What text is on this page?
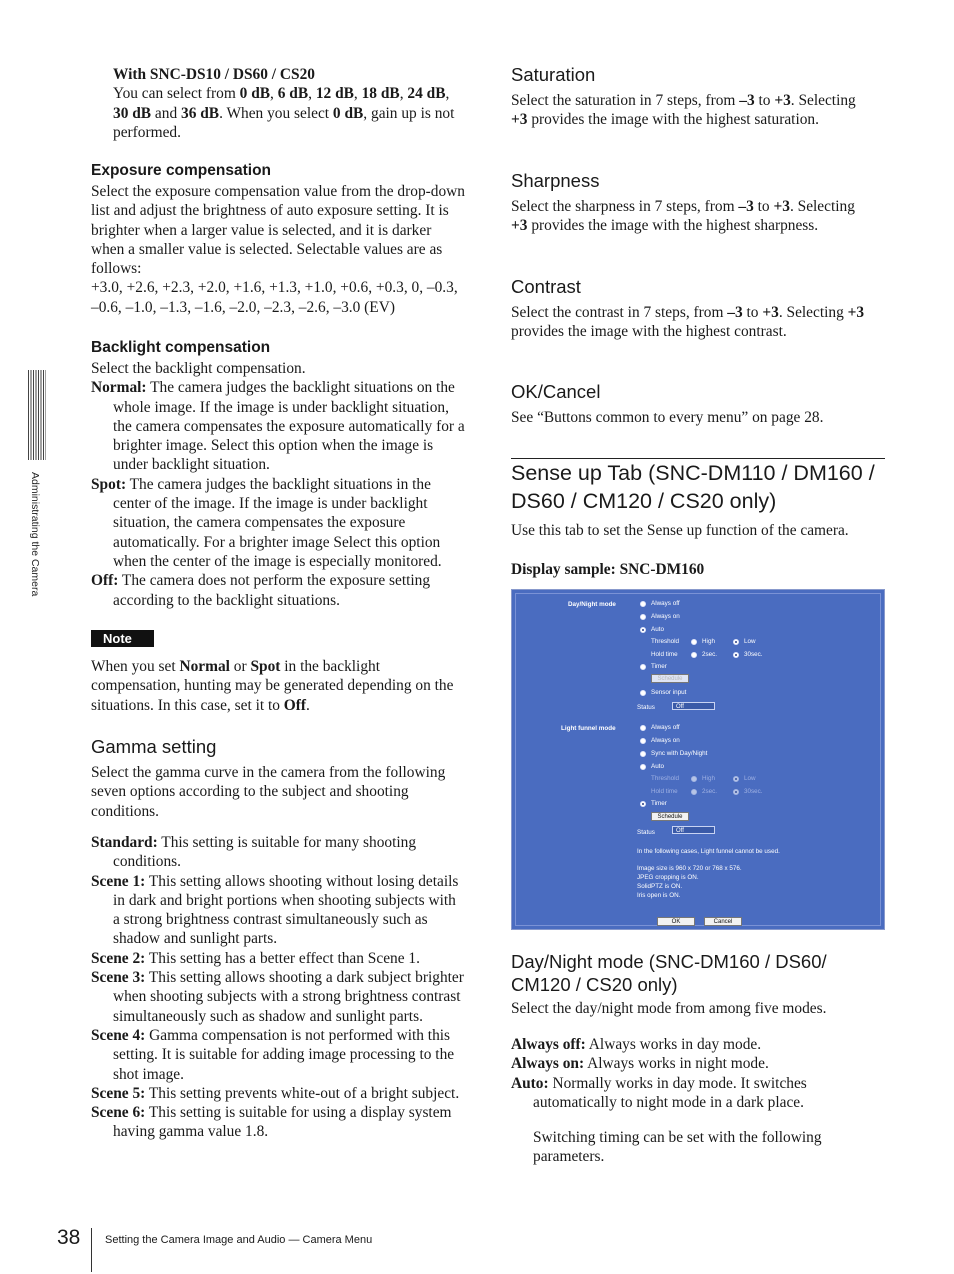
Administrating the Camera

With SNC-DS10 / DS60 / CS20

You can select from 0 dB, 6 dB, 12 dB, 18 dB, 24 dB, 30 dB and 36 dB. When you select 0 dB, gain up is not performed.

Exposure compensation

Select the exposure compensation value from the drop-down list and adjust the brightness of auto exposure setting. It is brighter when a larger value is selected, and it is darker when a smaller value is selected. Selectable values are as follows:

+3.0, +2.6, +2.3, +2.0, +1.6, +1.3, +1.0, +0.6, +0.3, 0, –0.3, –0.6, –1.0, –1.3, –1.6, –2.0, –2.3, –2.6, –3.0 (EV)

Backlight compensation

Select the backlight compensation.

Normal: The camera judges the backlight situations on the whole image. If the image is under backlight situation, the camera compensates the exposure automatically for a brighter image. Select this option when the image is under backlight situation.

Spot: The camera judges the backlight situations in the center of the image. If the image is under backlight situation, the camera compensates the exposure automatically. For a brighter image Select this option when the center of the image is especially monitored.

Off: The camera does not perform the exposure setting according to the backlight situations.

Note

When you set Normal or Spot in the backlight compensation, hunting may be generated depending on the situations. In this case, set it to Off.

Gamma setting
Select the gamma curve in the camera from the following seven options according to the subject and shooting conditions.

Standard: This setting is suitable for many shooting conditions.

Scene 1: This setting allows shooting without losing details in dark and bright portions when shooting subjects with a strong brightness contrast simultaneously such as shadow and sunlight parts.

Scene 2: This setting has a better effect than Scene 1.

Scene 3: This setting allows shooting a dark subject brighter when shooting subjects with a strong brightness contrast simultaneously such as shadow and sunlight parts.

Scene 4: Gamma compensation is not performed with this setting. It is suitable for adding image processing to the shot image.

Scene 5: This setting prevents white-out of a bright subject.

Scene 6: This setting is suitable for using a display system having gamma value 1.8.

Saturation

Select the saturation in 7 steps, from –3 to +3. Selecting +3 provides the image with the highest saturation.

Sharpness

Select the sharpness in 7 steps, from –3 to +3. Selecting +3 provides the image with the highest sharpness.

Contrast

Select the contrast in 7 steps, from –3 to +3. Selecting +3 provides the image with the highest contrast.

OK/Cancel
See “Buttons common to every menu” on page 28.
Sense up Tab (SNC-DM110 / DM160 / DS60 / CM120 / CS20 only)
Use this tab to set the Sense up function of the camera.
Display sample: SNC-DM160
Day/Night mode	Always off
Always on
Auto
Threshold	High	Low
Hold time	2sec.	30sec.
Timer
Schedule
Sensor input
Status	Off
Light funnel mode	Always off
Always on
Sync with Day/Night
Auto
Threshold	High	Low
Hold time	2sec.	30sec.
Timer
Schedule
Status	Off
In the following cases, Light funnel cannot be used.
Image size is 960 x 720 or 768 x 576.
JPEG cropping is ON.
SolidPTZ is ON.
Iris open is ON.
OK	Cancel
Day/Night mode (SNC-DM160 / DS60/ CM120 / CS20 only)
Select the day/night mode from among five modes.

Always off: Always works in day mode.

Always on: Always works in night mode.

Auto: Normally works in day mode. It switches automatically to night mode in a dark place.

Switching timing can be set with the following parameters.
38 Setting the Camera Image and Audio — Camera Menu
